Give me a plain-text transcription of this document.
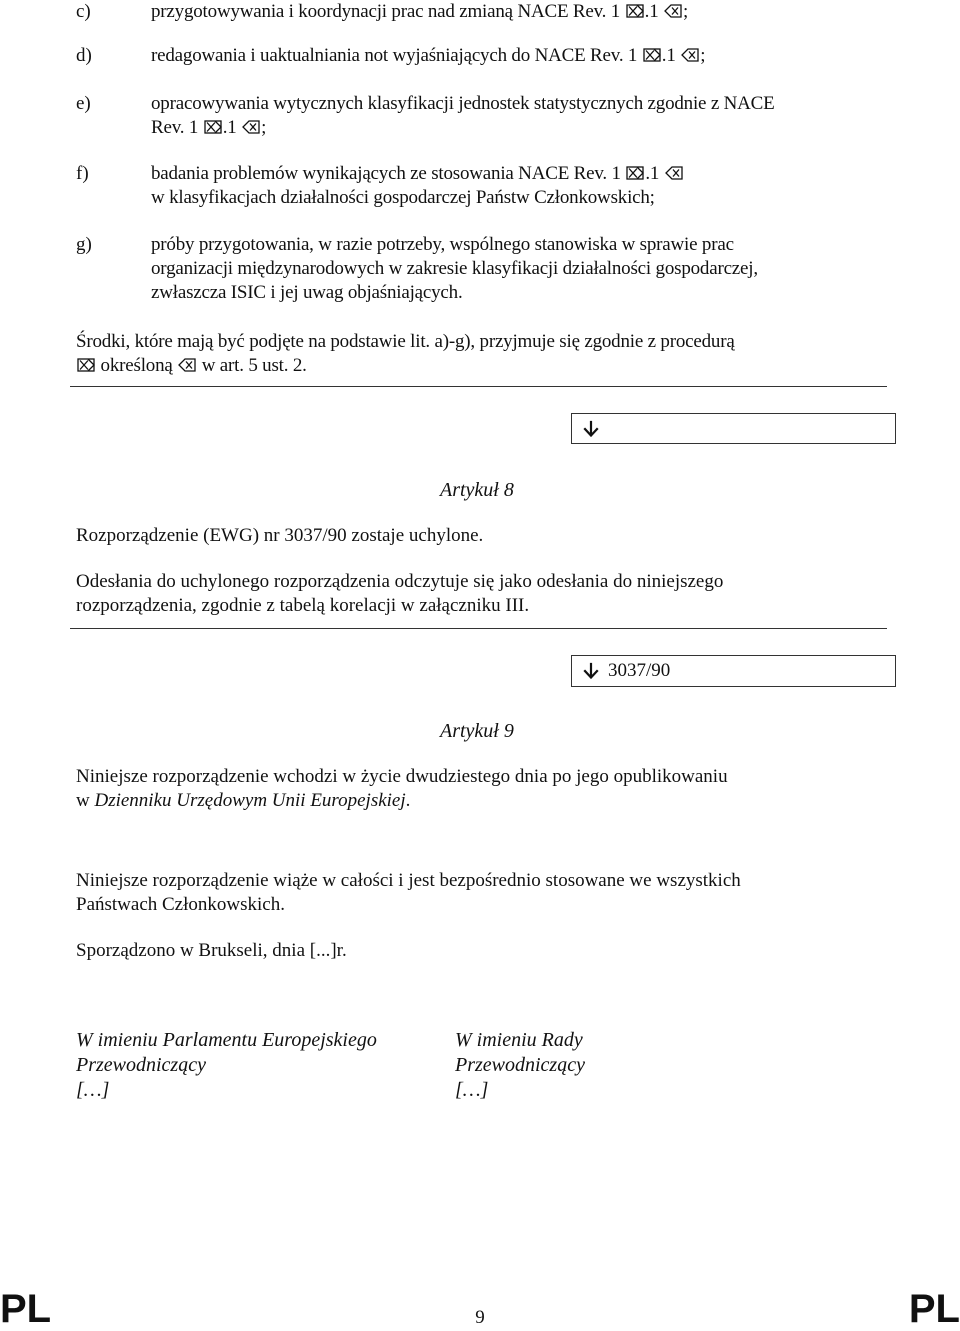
c)	przygotowywania i koordynacji prac nad zmianą NACE Rev. 1
.1
;
d)	redagowania i uaktualniania not wyjaśniających do NACE Rev. 1
.1
;
e)	opracowywania wytycznych klasyfikacji jednostek statystycznych zgodnie z NACE
Rev. 1
.1
;
f)	badania problemów wynikających ze stosowania NACE Rev. 1
.1

w klasyfikacjach działalności gospodarczej Państw Członkowskich;
g)	próby przygotowania, w razie potrzeby, wspólnego stanowiska w sprawie prac
organizacji międzynarodowych w zakresie klasyfikacji działalności gospodarczej,
zwłaszcza ISIC i jej uwag objaśniających.
Środki, które mają być podjęte na podstawie lit. a)-g), przyjmuje się zgodnie z procedurą

określoną
w art. 5 ust. 2.
Artykuł 8
Rozporządzenie (EWG) nr 3037/90 zostaje uchylone.
Odesłania do uchylonego rozporządzenia odczytuje się jako odesłania do niniejszego
rozporządzenia, zgodnie z tabelą korelacji w załączniku III.
3037/90
Artykuł 9
Niniejsze rozporządzenie wchodzi w życie dwudziestego dnia po jego opublikowaniu
w Dzienniku Urzędowym Unii Europejskiej.
Niniejsze rozporządzenie wiąże w całości i jest bezpośrednio stosowane we wszystkich
Państwach Członkowskich.
Sporządzono w Brukseli, dnia [...]r.
W imieniu Parlamentu Europejskiego
Przewodniczący
[…]
W imieniu Rady
Przewodniczący
[…]
PL	9	PL
